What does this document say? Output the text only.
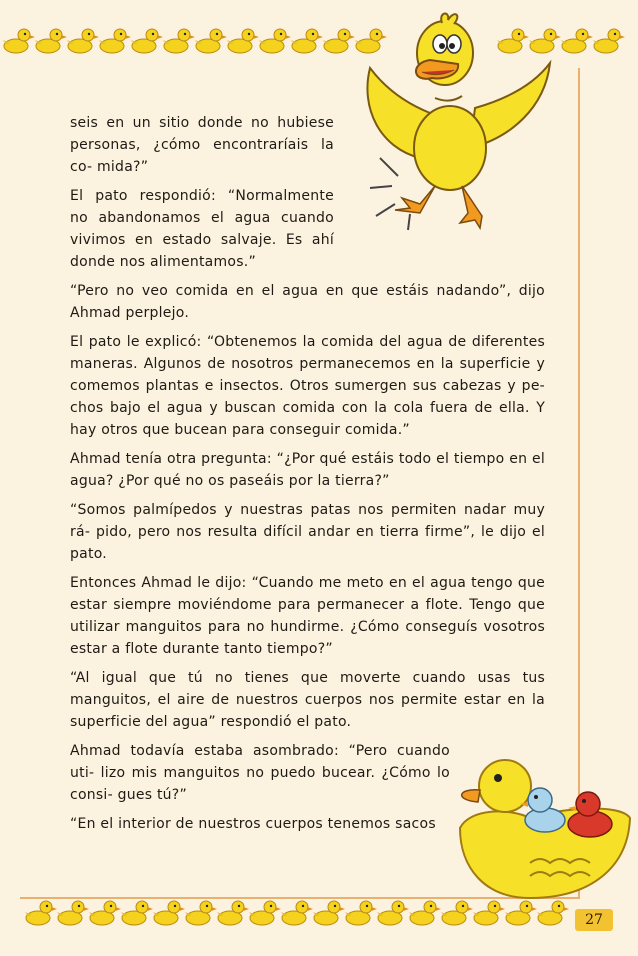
seis en un sitio donde no hubiese personas, ¿cómo encontraríais la co- mida?”

El pato respondió: “Normalmente no abandonamos el agua cuando vivimos en estado salvaje. Es ahí donde nos alimentamos.”

“Pero no veo comida en el agua en que estáis nadando”, dijo Ahmad perplejo.

El pato le explicó: “Obtenemos la comida del agua de diferentes maneras. Algunos de nosotros permanecemos en la superficie y comemos plantas e insectos. Otros sumergen sus cabezas y pe- chos bajo el agua y buscan comida con la cola fuera de ella. Y hay otros que bucean para conseguir comida.”

Ahmad tenía otra pregunta: “¿Por qué estáis todo el tiempo en el agua? ¿Por qué no os paseáis por la tierra?”

“Somos palmípedos y nuestras patas nos permiten nadar muy rá- pido, pero nos resulta difícil andar en tierra firme”, le dijo el pato.

Entonces Ahmad le dijo: “Cuando me meto en el agua tengo que estar siempre moviéndome para permanecer a flote. Tengo que utilizar manguitos para no hundirme. ¿Cómo conseguís vosotros estar a flote durante tanto tiempo?”

“Al igual que tú no tienes que moverte cuando usas tus manguitos, el aire de nuestros cuerpos nos permite estar en la superficie del agua” respondió el pato.

Ahmad todavía estaba asombrado: “Pero cuando uti- lizo mis manguitos no puedo bucear. ¿Cómo lo consi- gues tú?”

“En el interior de nuestros cuerpos tenemos sacos

27
